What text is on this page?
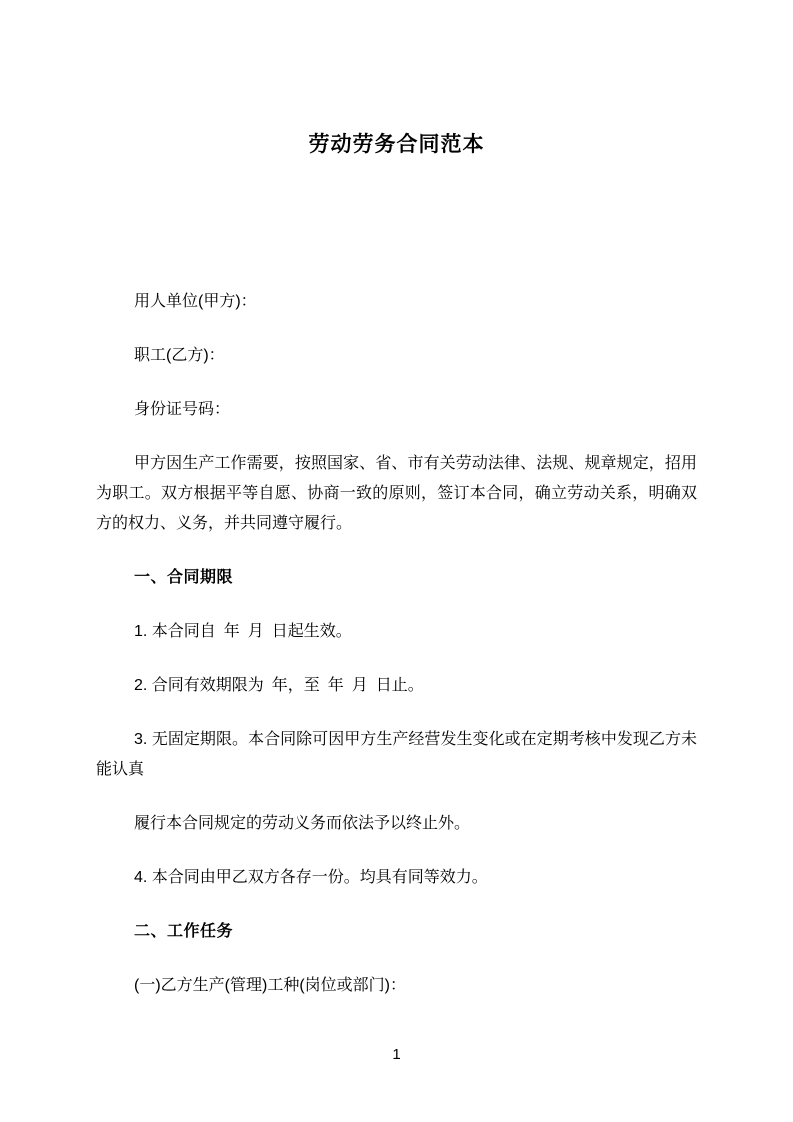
劳动劳务合同范本
用人单位(甲方)：
职工(乙方)：
身份证号码：
甲方因生产工作需要，按照国家、省、市有关劳动法律、法规、规章规定，招用为职工。双方根据平等自愿、协商一致的原则，签订本合同，确立劳动关系，明确双方的权力、义务，并共同遵守履行。
一、合同期限
1. 本合同自 年 月 日起生效。
2. 合同有效期限为 年，至 年 月 日止。
3. 无固定期限。本合同除可因甲方生产经营发生变化或在定期考核中发现乙方未能认真
履行本合同规定的劳动义务而依法予以终止外。
4. 本合同由甲乙双方各存一份。均具有同等效力。
二、工作任务
(一)乙方生产(管理)工种(岗位或部门)：
1
